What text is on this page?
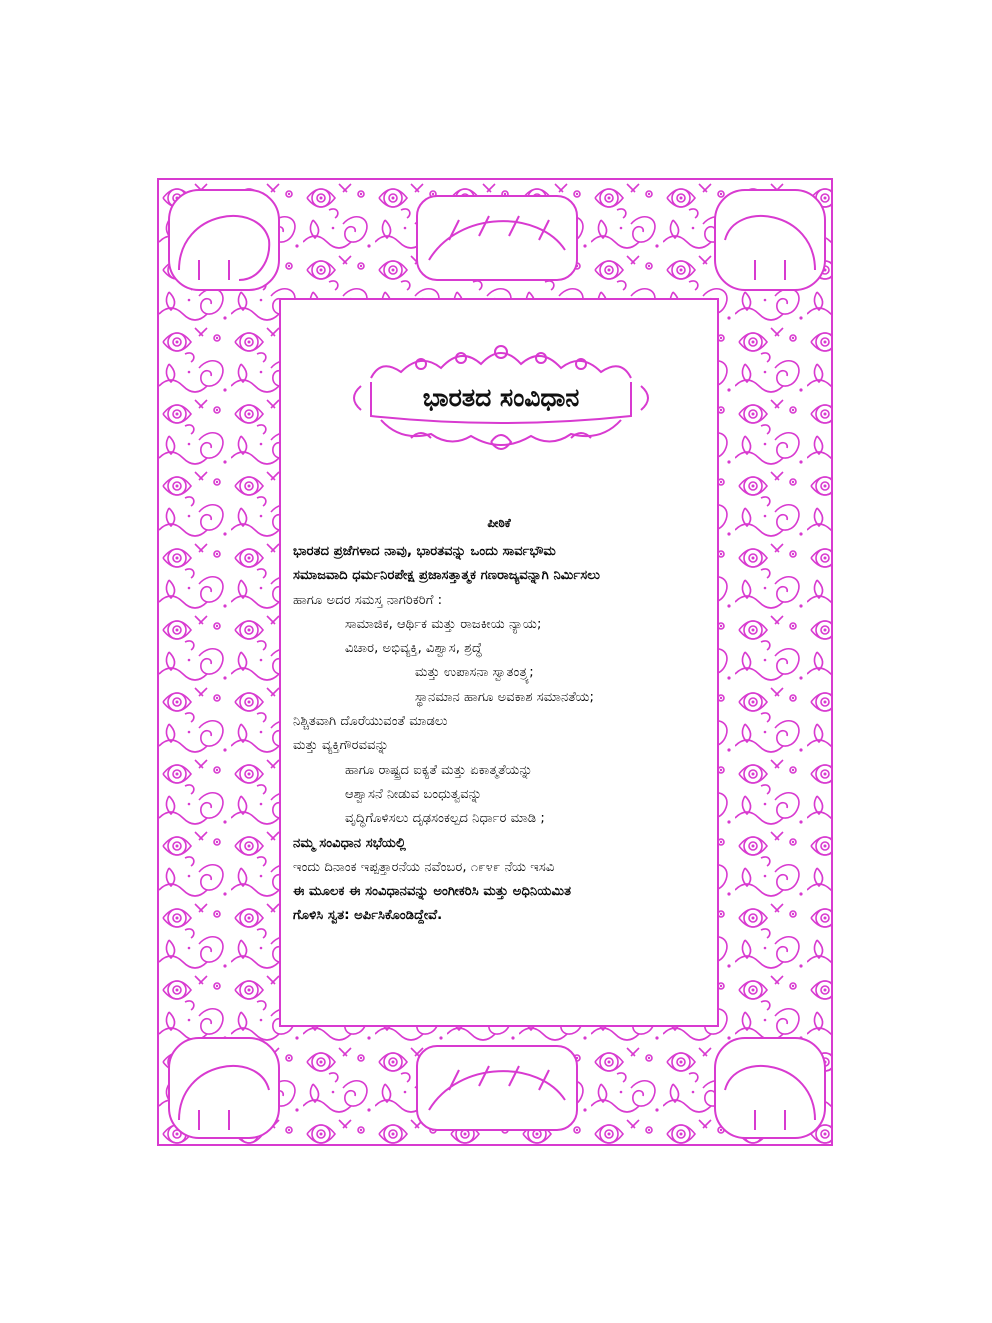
ಭಾರತದ ಸಂವಿಧಾನ
ಪೀಠಿಕೆ
ಭಾರತದ ಪ್ರಜೆಗಳಾದ ನಾವು, ಭಾರತವನ್ನು ಒಂದು ಸಾರ್ವಭೌಮ
ಸಮಾಜವಾದಿ ಧರ್ಮನಿರಪೇಕ್ಷ ಪ್ರಜಾಸತ್ತಾತ್ಮಕ ಗಣರಾಜ್ಯವನ್ನಾಗಿ ನಿರ್ಮಿಸಲು
ಹಾಗೂ ಅದರ ಸಮಸ್ತ ನಾಗರಿಕರಿಗೆ :
ಸಾಮಾಜಿಕ, ಆರ್ಥಿಕ ಮತ್ತು ರಾಜಕೀಯ ನ್ಯಾಯ;
ವಿಚಾರ, ಅಭಿವ್ಯಕ್ತಿ, ವಿಶ್ವಾಸ, ಶ್ರದ್ಧೆ
ಮತ್ತು ಉಪಾಸನಾ ಸ್ವಾತಂತ್ರ್ಯ;
ಸ್ಥಾನಮಾನ ಹಾಗೂ ಅವಕಾಶ ಸಮಾನತೆಯ;
ನಿಶ್ಚಿತವಾಗಿ ದೊರೆಯುವಂತೆ ಮಾಡಲು
ಮತ್ತು ವ್ಯಕ್ತಿಗೌರವವನ್ನು
ಹಾಗೂ ರಾಷ್ಟ್ರದ ಐಕ್ಯತೆ ಮತ್ತು ಏಕಾತ್ಮತೆಯನ್ನು
ಆಶ್ವಾಸನೆ ನೀಡುವ ಬಂಧುತ್ವವನ್ನು
ವೃದ್ಧಿಗೊಳಿಸಲು ದೃಢಸಂಕಲ್ಪದ ನಿರ್ಧಾರ ಮಾಡಿ ;
ನಮ್ಮ ಸಂವಿಧಾನ ಸಭೆಯಲ್ಲಿ
ಇಂದು ದಿನಾಂಕ ಇಪ್ಪತ್ತಾರನೆಯ ನವೆಂಬರ, ೧೯೪೯ ನೆಯ ಇಸವಿ
ಈ ಮೂಲಕ ಈ ಸಂವಿಧಾನವನ್ನು ಅಂಗೀಕರಿಸಿ ಮತ್ತು ಅಧಿನಿಯಮಿತ
ಗೊಳಿಸಿ ಸ್ವತ: ಅರ್ಪಿಸಿಕೊಂಡಿದ್ದೇವೆ.
